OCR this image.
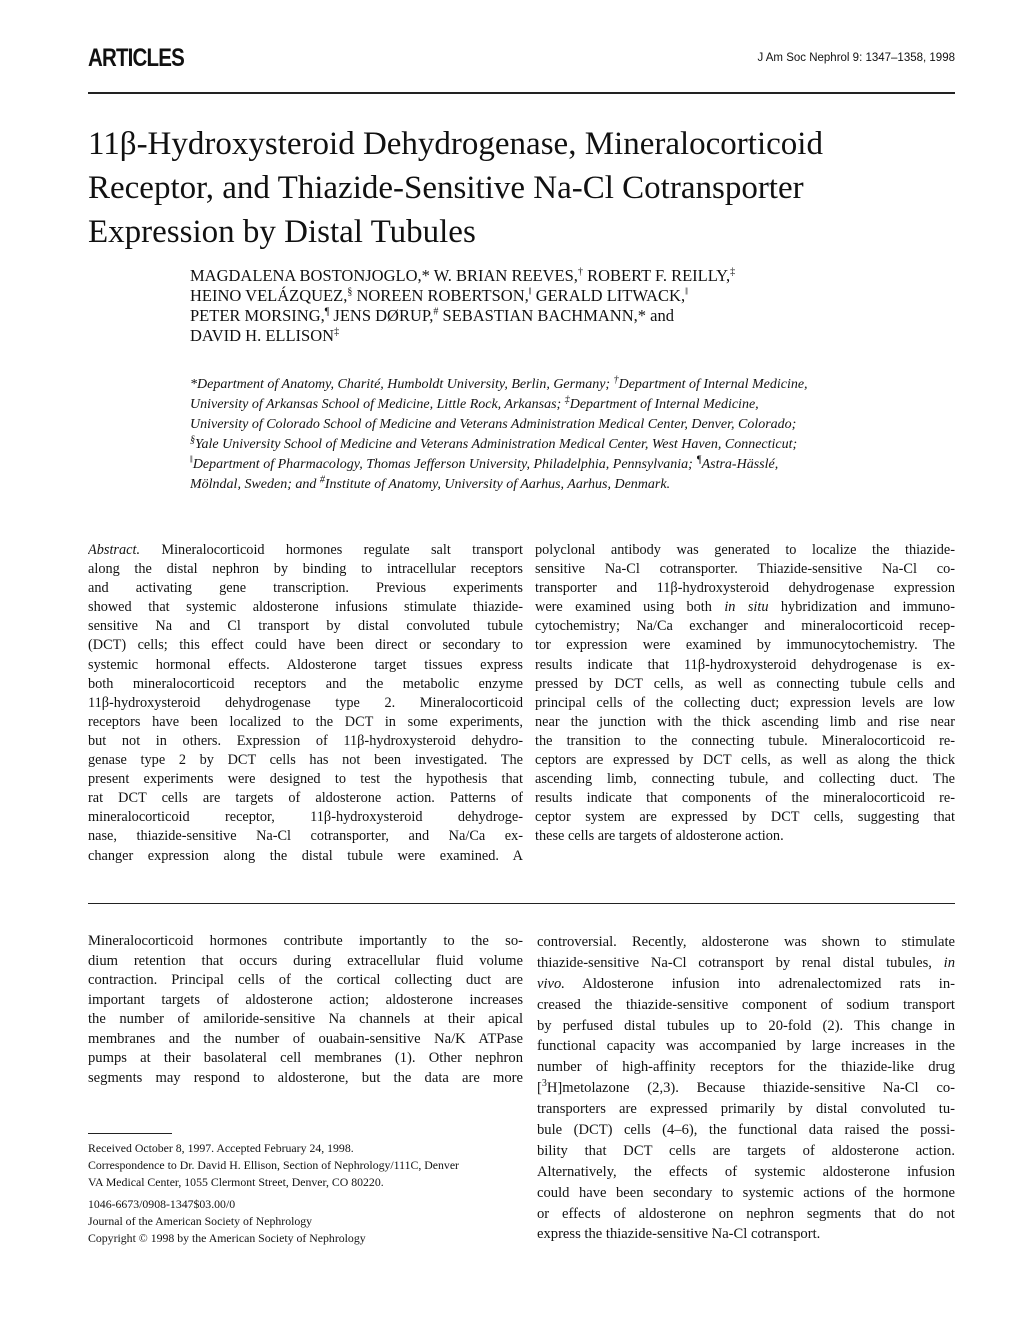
ARTICLES	J Am Soc Nephrol 9: 1347–1358, 1998
11β-Hydroxysteroid Dehydrogenase, Mineralocorticoid
Receptor, and Thiazide-Sensitive Na-Cl Cotransporter
Expression by Distal Tubules
MAGDALENA BOSTONJOGLO,* W. BRIAN REEVES,† ROBERT F. REILLY,‡
HEINO VELÁZQUEZ,§ NOREEN ROBERTSON,‖ GERALD LITWACK,‖
PETER MORSING,¶ JENS DØRUP,# SEBASTIAN BACHMANN,* and
DAVID H. ELLISON‡
*Department of Anatomy, Charité, Humboldt University, Berlin, Germany; †Department of Internal Medicine,
University of Arkansas School of Medicine, Little Rock, Arkansas; ‡Department of Internal Medicine,
University of Colorado School of Medicine and Veterans Administration Medical Center, Denver, Colorado;
§Yale University School of Medicine and Veterans Administration Medical Center, West Haven, Connecticut;
‖Department of Pharmacology, Thomas Jefferson University, Philadelphia, Pennsylvania; ¶Astra-Hässlé,
Mölndal, Sweden; and #Institute of Anatomy, University of Aarhus, Aarhus, Denmark.
Abstract. Mineralocorticoid hormones regulate salt transport
along the distal nephron by binding to intracellular receptors
and activating gene transcription. Previous experiments
showed that systemic aldosterone infusions stimulate thiazide-
sensitive Na and Cl transport by distal convoluted tubule
(DCT) cells; this effect could have been direct or secondary to
systemic hormonal effects. Aldosterone target tissues express
both mineralocorticoid receptors and the metabolic enzyme
11β-hydroxysteroid dehydrogenase type 2. Mineralocorticoid
receptors have been localized to the DCT in some experiments,
but not in others. Expression of 11β-hydroxysteroid dehydro-
genase type 2 by DCT cells has not been investigated. The
present experiments were designed to test the hypothesis that
rat DCT cells are targets of aldosterone action. Patterns of
mineralocorticoid receptor, 11β-hydroxysteroid dehydroge-
nase, thiazide-sensitive Na-Cl cotransporter, and Na/Ca ex-
changer expression along the distal tubule were examined. A
polyclonal antibody was generated to localize the thiazide-
sensitive Na-Cl cotransporter. Thiazide-sensitive Na-Cl co-
transporter and 11β-hydroxysteroid dehydrogenase expression
were examined using both in situ hybridization and immuno-
cytochemistry; Na/Ca exchanger and mineralocorticoid recep-
tor expression were examined by immunocytochemistry. The
results indicate that 11β-hydroxysteroid dehydrogenase is ex-
pressed by DCT cells, as well as connecting tubule cells and
principal cells of the collecting duct; expression levels are low
near the junction with the thick ascending limb and rise near
the transition to the connecting tubule. Mineralocorticoid re-
ceptors are expressed by DCT cells, as well as along the thick
ascending limb, connecting tubule, and collecting duct. The
results indicate that components of the mineralocorticoid re-
ceptor system are expressed by DCT cells, suggesting that
these cells are targets of aldosterone action.
Mineralocorticoid hormones contribute importantly to the so-
dium retention that occurs during extracellular fluid volume
contraction. Principal cells of the cortical collecting duct are
important targets of aldosterone action; aldosterone increases
the number of amiloride-sensitive Na channels at their apical
membranes and the number of ouabain-sensitive Na/K ATPase
pumps at their basolateral cell membranes (1). Other nephron
segments may respond to aldosterone, but the data are more
controversial. Recently, aldosterone was shown to stimulate
thiazide-sensitive Na-Cl cotransport by renal distal tubules, in
vivo. Aldosterone infusion into adrenalectomized rats in-
creased the thiazide-sensitive component of sodium transport
by perfused distal tubules up to 20-fold (2). This change in
functional capacity was accompanied by large increases in the
number of high-affinity receptors for the thiazide-like drug
[$^3$H]metolazone (2,3). Because thiazide-sensitive Na-Cl co-
transporters are expressed primarily by distal convoluted tu-
bule (DCT) cells (4–6), the functional data raised the possi-
bility that DCT cells are targets of aldosterone action.
Alternatively, the effects of systemic aldosterone infusion
could have been secondary to systemic actions of the hormone
or effects of aldosterone on nephron segments that do not
express the thiazide-sensitive Na-Cl cotransport.
Received October 8, 1997. Accepted February 24, 1998.
Correspondence to Dr. David H. Ellison, Section of Nephrology/111C, Denver
VA Medical Center, 1055 Clermont Street, Denver, CO 80220.
1046-6673/0908-1347$03.00/0
Journal of the American Society of Nephrology
Copyright © 1998 by the American Society of Nephrology
